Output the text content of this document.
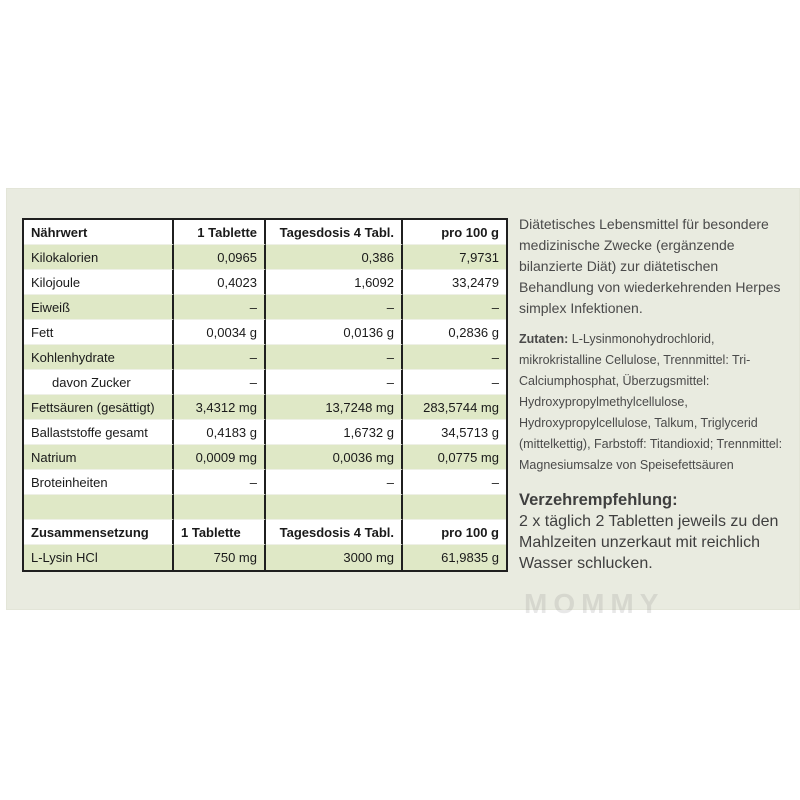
Nährwert	1 Tablette	Tagesdosis 4 Tabl.	pro 100 g
Kilokalorien	0,0965	0,386	7,9731
Kilojoule	0,4023	1,6092	33,2479
Eiweiß	–	–	–
Fett	0,0034 g	0,0136 g	0,2836 g
Kohlenhydrate	–	–	–
davon Zucker	–	–	–
Fettsäuren (gesättigt)	3,4312 mg	13,7248 mg	283,5744 mg
Ballaststoffe gesamt	0,4183 g	1,6732 g	34,5713 g
Natrium	0,0009 mg	0,0036 mg	0,0775 mg
Broteinheiten	–	–	–

Zusammensetzung	1 Tablette	Tagesdosis 4 Tabl.	pro 100 g
L-Lysin HCl	750 mg	3000 mg	61,9835 g

Diätetisches Lebensmittel für besondere medizinische Zwecke (ergänzende bilanzierte Diät) zur diätetischen Behandlung von wiederkehrenden Herpes simplex Infektionen.

Zutaten: L-Lysinmonohydrochlorid, mikrokristalline Cellulose, Trennmittel: Tri-Calciumphosphat, Überzugsmittel: Hydroxypropylmethylcellulose, Hydroxypropylcellulose, Talkum, Triglycerid (mittelkettig), Farbstoff: Titandioxid; Trennmittel: Magnesiumsalze von Speisefettsäuren

Verzehrempfehlung:

2 x täglich 2 Tabletten jeweils zu den Mahlzeiten unzerkaut mit reichlich Wasser schlucken.

MOMMY
